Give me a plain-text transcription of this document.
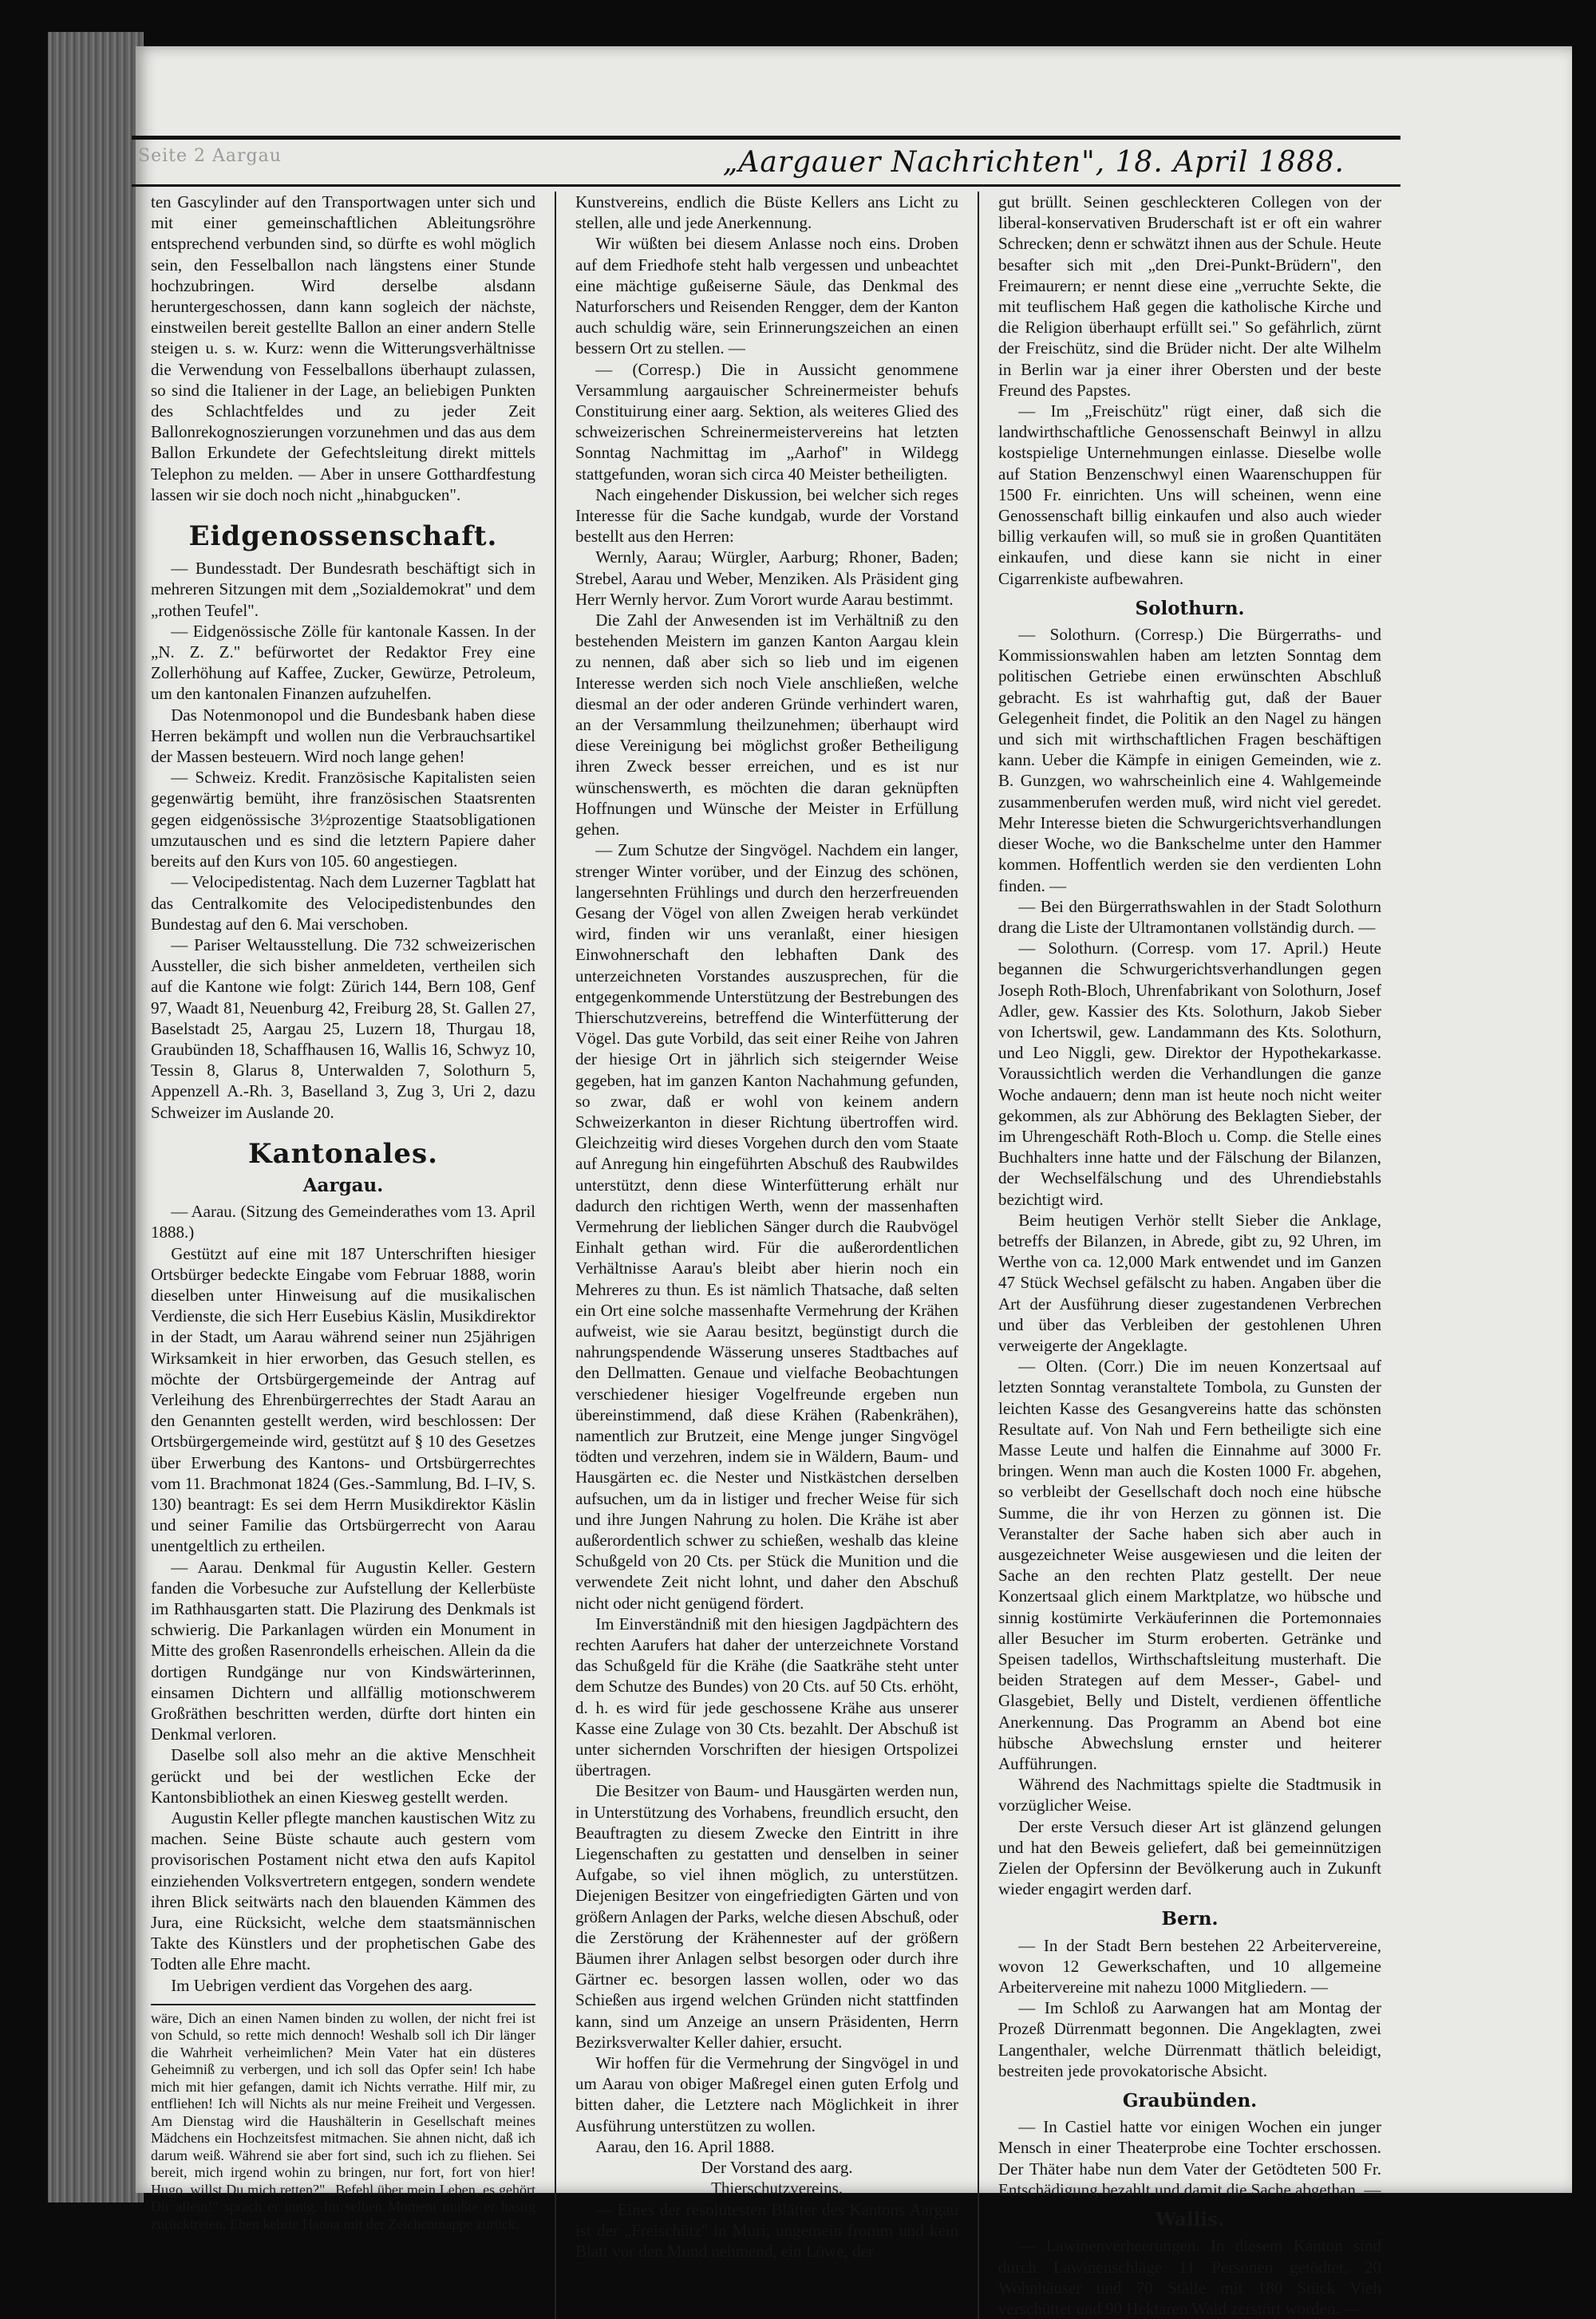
Seite 2 Aargau	„Aargauer Nachrichten", 18. April 1888.

ten Gascylinder auf den Transportwagen unter sich und mit einer gemeinschaftlichen Ableitungsröhre entsprechend verbunden sind, so dürfte es wohl möglich sein, den Fesselballon nach längstens einer Stunde hochzubringen. Wird derselbe alsdann heruntergeschossen, dann kann sogleich der nächste, einstweilen bereit gestellte Ballon an einer andern Stelle steigen u. s. w. Kurz: wenn die Witterungsverhältnisse die Verwendung von Fesselballons überhaupt zulassen, so sind die Italiener in der Lage, an beliebigen Punkten des Schlachtfeldes und zu jeder Zeit Ballonrekognoszierungen vorzunehmen und das aus dem Ballon Erkundete der Gefechtsleitung direkt mittels Telephon zu melden. — Aber in unsere Gotthardfestung lassen wir sie doch noch nicht „hinabgucken".

Eidgenossenschaft.

— Bundesstadt. Der Bundesrath beschäftigt sich in mehreren Sitzungen mit dem „Sozialdemokrat" und dem „rothen Teufel".

— Eidgenössische Zölle für kantonale Kassen. In der „N. Z. Z." befürwortet der Redaktor Frey eine Zollerhöhung auf Kaffee, Zucker, Gewürze, Petroleum, um den kantonalen Finanzen aufzuhelfen.

Das Notenmonopol und die Bundesbank haben diese Herren bekämpft und wollen nun die Verbrauchsartikel der Massen besteuern. Wird noch lange gehen!

— Schweiz. Kredit. Französische Kapitalisten seien gegenwärtig bemüht, ihre französischen Staatsrenten gegen eidgenössische 3½prozentige Staatsobligationen umzutauschen und es sind die letztern Papiere daher bereits auf den Kurs von 105. 60 angestiegen.

— Velocipedistentag. Nach dem Luzerner Tagblatt hat das Centralkomite des Velocipedistenbundes den Bundestag auf den 6. Mai verschoben.

— Pariser Weltausstellung. Die 732 schweizerischen Aussteller, die sich bisher anmeldeten, vertheilen sich auf die Kantone wie folgt: Zürich 144, Bern 108, Genf 97, Waadt 81, Neuenburg 42, Freiburg 28, St. Gallen 27, Baselstadt 25, Aargau 25, Luzern 18, Thurgau 18, Graubünden 18, Schaffhausen 16, Wallis 16, Schwyz 10, Tessin 8, Glarus 8, Unterwalden 7, Solothurn 5, Appenzell A.-Rh. 3, Baselland 3, Zug 3, Uri 2, dazu Schweizer im Auslande 20.

Kantonales.
Aargau.

— Aarau. (Sitzung des Gemeinderathes vom 13. April 1888.)

Gestützt auf eine mit 187 Unterschriften hiesiger Ortsbürger bedeckte Eingabe vom Februar 1888, worin dieselben unter Hinweisung auf die musikalischen Verdienste, die sich Herr Eusebius Käslin, Musikdirektor in der Stadt, um Aarau während seiner nun 25jährigen Wirksamkeit in hier erworben, das Gesuch stellen, es möchte der Ortsbürgergemeinde der Antrag auf Verleihung des Ehrenbürgerrechtes der Stadt Aarau an den Genannten gestellt werden, wird beschlossen: Der Ortsbürgergemeinde wird, gestützt auf § 10 des Gesetzes über Erwerbung des Kantons- und Ortsbürgerrechtes vom 11. Brachmonat 1824 (Ges.-Sammlung, Bd. I–IV, S. 130) beantragt: Es sei dem Herrn Musikdirektor Käslin und seiner Familie das Ortsbürgerrecht von Aarau unentgeltlich zu ertheilen.

— Aarau. Denkmal für Augustin Keller. Gestern fanden die Vorbesuche zur Aufstellung der Kellerbüste im Rathhausgarten statt. Die Plazirung des Denkmals ist schwierig. Die Parkanlagen würden ein Monument in Mitte des großen Rasenrondells erheischen. Allein da die dortigen Rundgänge nur von Kindswärterinnen, einsamen Dichtern und allfällig motionschwerem Großräthen beschritten werden, dürfte dort hinten ein Denkmal verloren.

Daselbe soll also mehr an die aktive Menschheit gerückt und bei der westlichen Ecke der Kantonsbibliothek an einen Kiesweg gestellt werden.

Augustin Keller pflegte manchen kaustischen Witz zu machen. Seine Büste schaute auch gestern vom provisorischen Postament nicht etwa den aufs Kapitol einziehenden Volksvertretern entgegen, sondern wendete ihren Blick seitwärts nach den blauenden Kämmen des Jura, eine Rücksicht, welche dem staatsmännischen Takte des Künstlers und der prophetischen Gabe des Todten alle Ehre macht.

Im Uebrigen verdient das Vorgehen des aarg.

wäre, Dich an einen Namen binden zu wollen, der nicht frei ist von Schuld, so rette mich dennoch! Weshalb soll ich Dir länger die Wahrheit verheimlichen? Mein Vater hat ein düsteres Geheimniß zu verbergen, und ich soll das Opfer sein! Ich habe mich mit hier gefangen, damit ich Nichts verrathe. Hilf mir, zu entfliehen! Ich will Nichts als nur meine Freiheit und Vergessen. Am Dienstag wird die Haushälterin in Gesellschaft meines Mädchens ein Hochzeitsfest mitmachen. Sie ahnen nicht, daß ich darum weiß. Während sie aber fort sind, such ich zu fliehen. Sei bereit, mich irgend wohin zu bringen, nur fort, fort von hier! Hugo, willst Du mich retten?" „Befehl über mein Leben, es gehört Dir allein!" sprach er innig. Im selben Moment mußte er hastig zurücktreten. Eben kehrte Hanna mit der Zeichenmappe zurück.

Kunstvereins, endlich die Büste Kellers ans Licht zu stellen, alle und jede Anerkennung.

Wir wüßten bei diesem Anlasse noch eins. Droben auf dem Friedhofe steht halb vergessen und unbeachtet eine mächtige gußeiserne Säule, das Denkmal des Naturforschers und Reisenden Rengger, dem der Kanton auch schuldig wäre, sein Erinnerungszeichen an einen bessern Ort zu stellen. —

— (Corresp.) Die in Aussicht genommene Versammlung aargauischer Schreinermeister behufs Constituirung einer aarg. Sektion, als weiteres Glied des schweizerischen Schreinermeistervereins hat letzten Sonntag Nachmittag im „Aarhof" in Wildegg stattgefunden, woran sich circa 40 Meister betheiligten.

Nach eingehender Diskussion, bei welcher sich reges Interesse für die Sache kundgab, wurde der Vorstand bestellt aus den Herren:

Wernly, Aarau; Würgler, Aarburg; Rhoner, Baden; Strebel, Aarau und Weber, Menziken. Als Präsident ging Herr Wernly hervor. Zum Vorort wurde Aarau bestimmt.

Die Zahl der Anwesenden ist im Verhältniß zu den bestehenden Meistern im ganzen Kanton Aargau klein zu nennen, daß aber sich so lieb und im eigenen Interesse werden sich noch Viele anschließen, welche diesmal an der oder anderen Gründe verhindert waren, an der Versammlung theilzunehmen; überhaupt wird diese Vereinigung bei möglichst großer Betheiligung ihren Zweck besser erreichen, und es ist nur wünschenswerth, es möchten die daran geknüpften Hoffnungen und Wünsche der Meister in Erfüllung gehen.

— Zum Schutze der Singvögel. Nachdem ein langer, strenger Winter vorüber, und der Einzug des schönen, langersehnten Frühlings und durch den herzerfreuenden Gesang der Vögel von allen Zweigen herab verkündet wird, finden wir uns veranlaßt, einer hiesigen Einwohnerschaft den lebhaften Dank des unterzeichneten Vorstandes auszusprechen, für die entgegenkommende Unterstützung der Bestrebungen des Thierschutzvereins, betreffend die Winterfütterung der Vögel. Das gute Vorbild, das seit einer Reihe von Jahren der hiesige Ort in jährlich sich steigernder Weise gegeben, hat im ganzen Kanton Nachahmung gefunden, so zwar, daß er wohl von keinem andern Schweizerkanton in dieser Richtung übertroffen wird. Gleichzeitig wird dieses Vorgehen durch den vom Staate auf Anregung hin eingeführten Abschuß des Raubwildes unterstützt, denn diese Winterfütterung erhält nur dadurch den richtigen Werth, wenn der massenhaften Vermehrung der lieblichen Sänger durch die Raubvögel Einhalt gethan wird. Für die außerordentlichen Verhältnisse Aarau's bleibt aber hierin noch ein Mehreres zu thun. Es ist nämlich Thatsache, daß selten ein Ort eine solche massenhafte Vermehrung der Krähen aufweist, wie sie Aarau besitzt, begünstigt durch die nahrungspendende Wässerung unseres Stadtbaches auf den Dellmatten. Genaue und vielfache Beobachtungen verschiedener hiesiger Vogelfreunde ergeben nun übereinstimmend, daß diese Krähen (Rabenkrähen), namentlich zur Brutzeit, eine Menge junger Singvögel tödten und verzehren, indem sie in Wäldern, Baum- und Hausgärten ec. die Nester und Nistkästchen derselben aufsuchen, um da in listiger und frecher Weise für sich und ihre Jungen Nahrung zu holen. Die Krähe ist aber außerordentlich schwer zu schießen, weshalb das kleine Schußgeld von 20 Cts. per Stück die Munition und die verwendete Zeit nicht lohnt, und daher den Abschuß nicht oder nicht genügend fördert.

Im Einverständniß mit den hiesigen Jagdpächtern des rechten Aarufers hat daher der unterzeichnete Vorstand das Schußgeld für die Krähe (die Saatkrähe steht unter dem Schutze des Bundes) von 20 Cts. auf 50 Cts. erhöht, d. h. es wird für jede geschossene Krähe aus unserer Kasse eine Zulage von 30 Cts. bezahlt. Der Abschuß ist unter sichernden Vorschriften der hiesigen Ortspolizei übertragen.

Die Besitzer von Baum- und Hausgärten werden nun, in Unterstützung des Vorhabens, freundlich ersucht, den Beauftragten zu diesem Zwecke den Eintritt in ihre Liegenschaften zu gestatten und denselben in seiner Aufgabe, so viel ihnen möglich, zu unterstützen. Diejenigen Besitzer von eingefriedigten Gärten und von größern Anlagen der Parks, welche diesen Abschuß, oder die Zerstörung der Krähennester auf der größern Bäumen ihrer Anlagen selbst besorgen oder durch ihre Gärtner ec. besorgen lassen wollen, oder wo das Schießen aus irgend welchen Gründen nicht stattfinden kann, sind um Anzeige an unsern Präsidenten, Herrn Bezirksverwalter Keller dahier, ersucht.

Wir hoffen für die Vermehrung der Singvögel in und um Aarau von obiger Maßregel einen guten Erfolg und bitten daher, die Letztere nach Möglichkeit in ihrer Ausführung unterstützen zu wollen.

Aarau, den 16. April 1888.

Der Vorstand des aarg.

Thierschutzvereins.

— Eines der resolutesten Blätter des Kantons Aargau ist der „Freischütz" in Muri, ungemein fromm und kein Blatt vor den Mund nehmend, ein Löwe, der

gut brüllt. Seinen geschleckteren Collegen von der liberal-konservativen Bruderschaft ist er oft ein wahrer Schrecken; denn er schwätzt ihnen aus der Schule. Heute besafter sich mit „den Drei-Punkt-Brüdern", den Freimaurern; er nennt diese eine „verruchte Sekte, die mit teuflischem Haß gegen die katholische Kirche und die Religion überhaupt erfüllt sei." So gefährlich, zürnt der Freischütz, sind die Brüder nicht. Der alte Wilhelm in Berlin war ja einer ihrer Obersten und der beste Freund des Papstes.

— Im „Freischütz" rügt einer, daß sich die landwirthschaftliche Genossenschaft Beinwyl in allzu kostspielige Unternehmungen einlasse. Dieselbe wolle auf Station Benzenschwyl einen Waarenschuppen für 1500 Fr. einrichten. Uns will scheinen, wenn eine Genossenschaft billig einkaufen und also auch wieder billig verkaufen will, so muß sie in großen Quantitäten einkaufen, und diese kann sie nicht in einer Cigarrenkiste aufbewahren.

Solothurn.

— Solothurn. (Corresp.) Die Bürgerraths- und Kommissionswahlen haben am letzten Sonntag dem politischen Getriebe einen erwünschten Abschluß gebracht. Es ist wahrhaftig gut, daß der Bauer Gelegenheit findet, die Politik an den Nagel zu hängen und sich mit wirthschaftlichen Fragen beschäftigen kann. Ueber die Kämpfe in einigen Gemeinden, wie z. B. Gunzgen, wo wahrscheinlich eine 4. Wahlgemeinde zusammenberufen werden muß, wird nicht viel geredet. Mehr Interesse bieten die Schwurgerichtsverhandlungen dieser Woche, wo die Bankschelme unter den Hammer kommen. Hoffentlich werden sie den verdienten Lohn finden. —

— Bei den Bürgerrathswahlen in der Stadt Solothurn drang die Liste der Ultramontanen vollständig durch. —

— Solothurn. (Corresp. vom 17. April.) Heute begannen die Schwurgerichtsverhandlungen gegen Joseph Roth-Bloch, Uhrenfabrikant von Solothurn, Josef Adler, gew. Kassier des Kts. Solothurn, Jakob Sieber von Ichertswil, gew. Landammann des Kts. Solothurn, und Leo Niggli, gew. Direktor der Hypothekarkasse. Voraussichtlich werden die Verhandlungen die ganze Woche andauern; denn man ist heute noch nicht weiter gekommen, als zur Abhörung des Beklagten Sieber, der im Uhrengeschäft Roth-Bloch u. Comp. die Stelle eines Buchhalters inne hatte und der Fälschung der Bilanzen, der Wechselfälschung und des Uhrendiebstahls bezichtigt wird.

Beim heutigen Verhör stellt Sieber die Anklage, betreffs der Bilanzen, in Abrede, gibt zu, 92 Uhren, im Werthe von ca. 12,000 Mark entwendet und im Ganzen 47 Stück Wechsel gefälscht zu haben. Angaben über die Art der Ausführung dieser zugestandenen Verbrechen und über das Verbleiben der gestohlenen Uhren verweigerte der Angeklagte.

— Olten. (Corr.) Die im neuen Konzertsaal auf letzten Sonntag veranstaltete Tombola, zu Gunsten der leichten Kasse des Gesangvereins hatte das schönsten Resultate auf. Von Nah und Fern betheiligte sich eine Masse Leute und halfen die Einnahme auf 3000 Fr. bringen. Wenn man auch die Kosten 1000 Fr. abgehen, so verbleibt der Gesellschaft doch noch eine hübsche Summe, die ihr von Herzen zu gönnen ist. Die Veranstalter der Sache haben sich aber auch in ausgezeichneter Weise ausgewiesen und die leiten der Sache an den rechten Platz gestellt. Der neue Konzertsaal glich einem Marktplatze, wo hübsche und sinnig kostümirte Verkäuferinnen die Portemonnaies aller Besucher im Sturm eroberten. Getränke und Speisen tadellos, Wirthschaftsleitung musterhaft. Die beiden Strategen auf dem Messer-, Gabel- und Glasgebiet, Belly und Distelt, verdienen öffentliche Anerkennung. Das Programm an Abend bot eine hübsche Abwechslung ernster und heiterer Aufführungen.

Während des Nachmittags spielte die Stadtmusik in vorzüglicher Weise.

Der erste Versuch dieser Art ist glänzend gelungen und hat den Beweis geliefert, daß bei gemeinnützigen Zielen der Opfersinn der Bevölkerung auch in Zukunft wieder engagirt werden darf.

Bern.

— In der Stadt Bern bestehen 22 Arbeitervereine, wovon 12 Gewerkschaften, und 10 allgemeine Arbeitervereine mit nahezu 1000 Mitgliedern. —

— Im Schloß zu Aarwangen hat am Montag der Prozeß Dürrenmatt begonnen. Die Angeklagten, zwei Langenthaler, welche Dürrenmatt thätlich beleidigt, bestreiten jede provokatorische Absicht.

Graubünden.

— In Castiel hatte vor einigen Wochen ein junger Mensch in einer Theaterprobe eine Tochter erschossen. Der Thäter habe nun dem Vater der Getödteten 500 Fr. Entschädigung bezahlt und damit die Sache abgethan. —

Wallis.

— Lawinenverheerungen. In diesem Kanton sind durch Lawinenschläge 11 Personen getödtet, 20 Wohnhäuser und 70 Ställe mit 180 Stück Vieh verschüttet und 90 Hektaren Wald zerstört worden. —
